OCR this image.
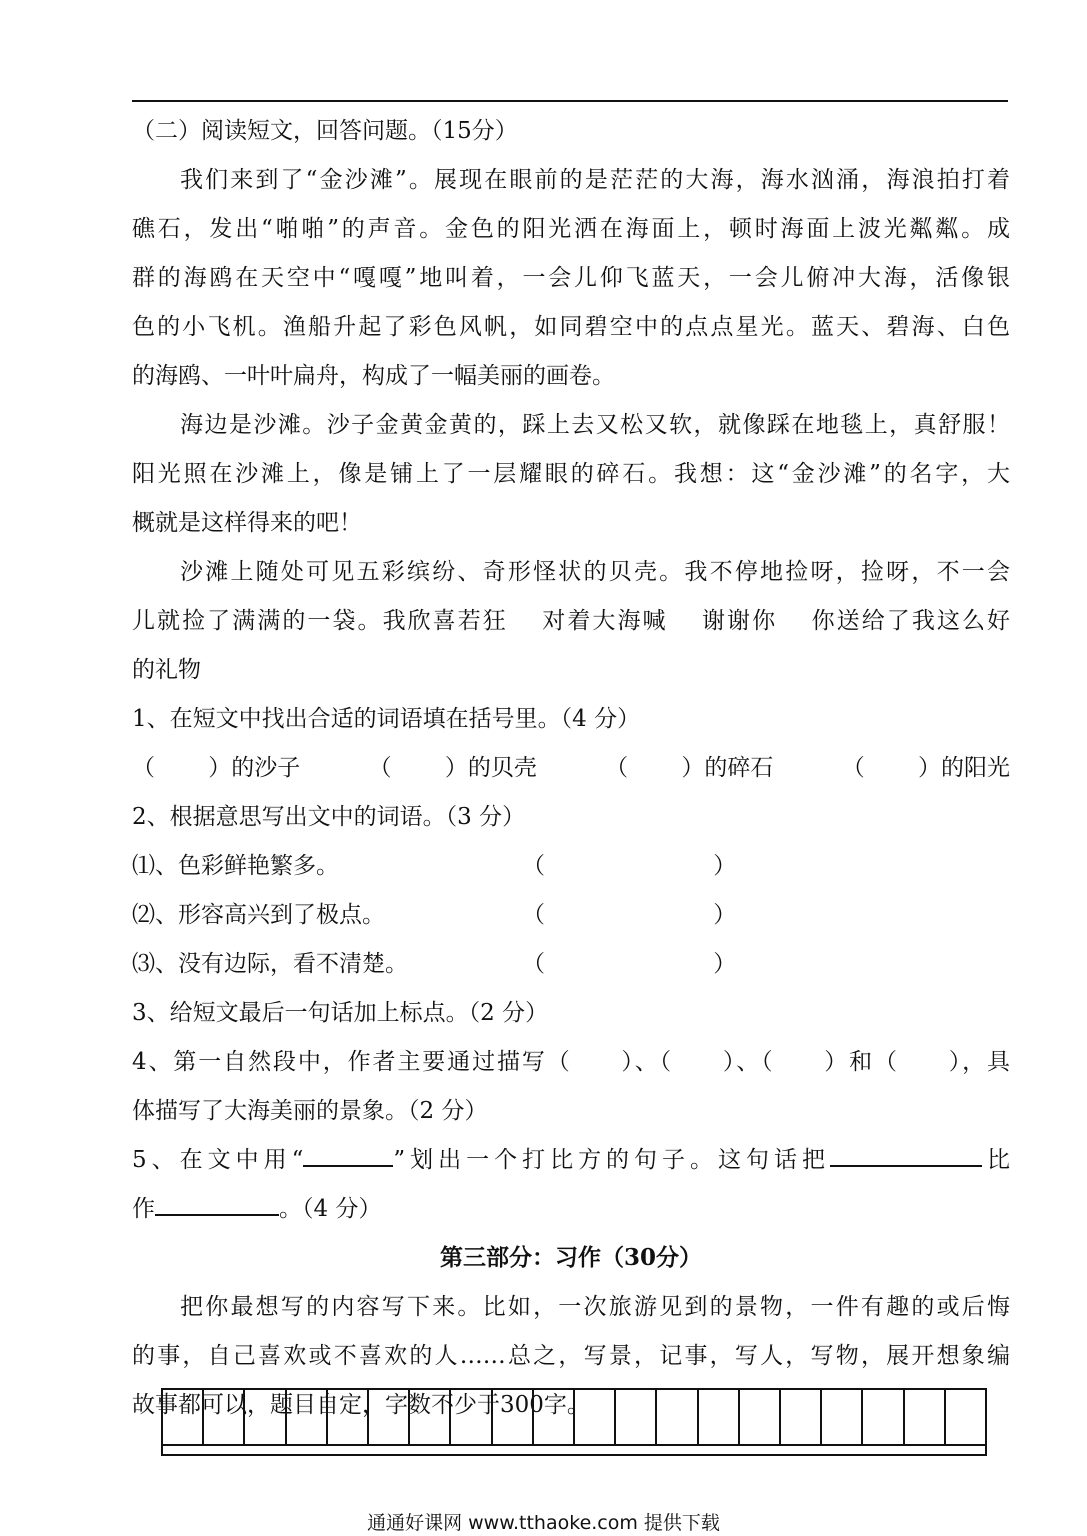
（二）阅读短文，回答问题。（15分）
我们来到了“金沙滩”。展现在眼前的是茫茫的大海，海水汹涌，海浪拍打着
礁石，发出“啪啪”的声音。金色的阳光洒在海面上，顿时海面上波光粼粼。成
群的海鸥在天空中“嘎嘎”地叫着，一会儿仰飞蓝天，一会儿俯冲大海，活像银
色的小飞机。渔船升起了彩色风帆，如同碧空中的点点星光。蓝天、碧海、白色
的海鸥、一叶叶扁舟，构成了一幅美丽的画卷。
海边是沙滩。沙子金黄金黄的，踩上去又松又软，就像踩在地毯上，真舒服！
阳光照在沙滩上，像是铺上了一层耀眼的碎石。我想：这“金沙滩”的名字，大
概就是这样得来的吧！
沙滩上随处可见五彩缤纷、奇形怪状的贝壳。我不停地捡呀，捡呀，不一会
儿就捡了满满的一袋。我欣喜若狂　 对着大海喊　 谢谢你　 你送给了我这么好
的礼物
1、在短文中找出合适的词语填在括号里。（4 分）
（　　 ）的沙子	（　　 ）的贝壳	（　　 ）的碎石	（　　 ）的阳光
2、根据意思写出文中的词语。（3 分）
⑴、色彩鲜艳繁多。	（　　　　　　　 ）
⑵、形容高兴到了极点。	（　　　　　　　 ）
⑶、没有边际，看不清楚。	（　　　　　　　 ）
3、给短文最后一句话加上标点。（2 分）
4、第一自然段中，作者主要通过描写（　　）、（　　）、（　　）和（　　），具
体描写了大海美丽的景象。（2 分）
5、在文中用“	”划出一个打比方的句子。这句话把	比
作	。（4 分）
第三部分：习作（30分）
把你最想写的内容写下来。比如，一次旅游见到的景物，一件有趣的或后悔
的事，自己喜欢或不喜欢的人……总之，写景，记事，写人，写物，展开想象编
故事都可以，题目自定，字数不少于300字。
通通好课网 www.tthaoke.com 提供下载
